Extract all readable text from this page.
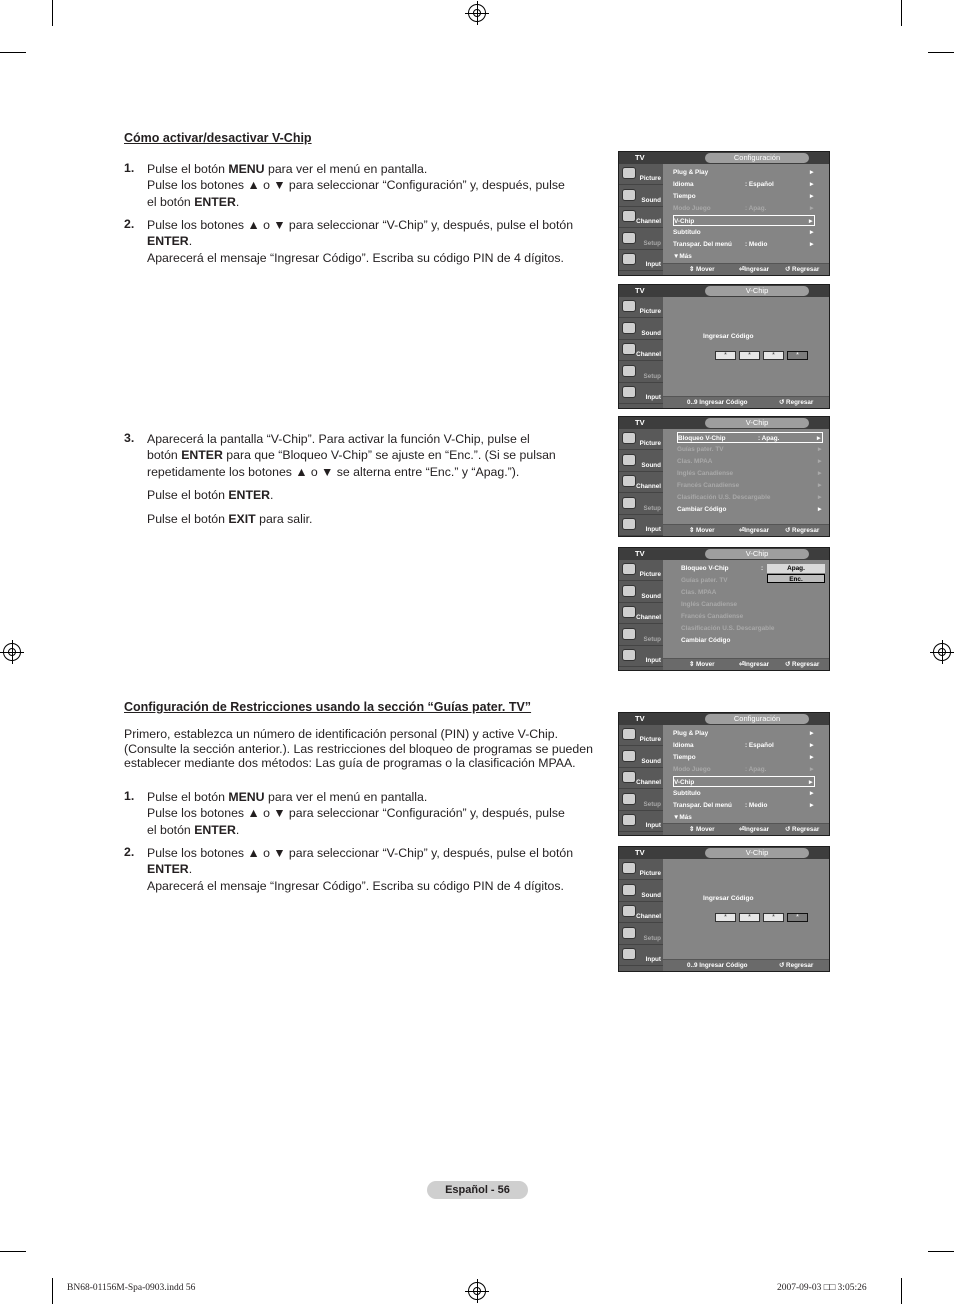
Cómo activar/desactivar V-Chip
1. Pulse el botón MENU para ver el menú en pantalla.
Pulse los botones ▲ o ▼ para seleccionar “Configuración” y, después, pulse
el botón ENTER.
2. Pulse los botones ▲ o ▼ para seleccionar “V-Chip” y, después, pulse el botón
ENTER.
Aparecerá el mensaje “Ingresar Código”. Escriba su código PIN de 4 dígitos.
3. Aparecerá la pantalla “V-Chip”. Para activar la función V-Chip, pulse el
botón ENTER para que “Bloqueo V-Chip” se ajuste en “Enc.”. (Si se pulsan
repetidamente los botones ▲ o ▼ se alterna entre “Enc.” y “Apag.”).
Pulse el botón ENTER.
Pulse el botón EXIT para salir.
Configuración de Restricciones usando la sección “Guías pater. TV”
Primero, establezca un número de identificación personal (PIN) y active V-Chip.
(Consulte la sección anterior.). Las restricciones del bloqueo de programas se pueden
establecer mediante dos métodos: Las guía de programas o la clasificación MPAA.
1. Pulse el botón MENU para ver el menú en pantalla.
Pulse los botones ▲ o ▼ para seleccionar “Configuración” y, después, pulse
el botón ENTER.
2. Pulse los botones ▲ o ▼ para seleccionar “V-Chip” y, después, pulse el botón
ENTER.
Aparecerá el mensaje “Ingresar Código”. Escriba su código PIN de 4 dígitos.
TV	Configuración
Picture
Sound
Channel
Setup
Input
Plug & Play	►
Idioma	: Español	►
Tiempo	►
Modo Juego	: Apag.	►
V-Chip	►
Subtítulo	►
Transpar. Del menú : Medio	►
▼Más
⇕ Mover	⏎Ingresar	↺ Regresar
TV	V-Chip
Picture
Sound
Channel
Setup
Input
Ingresar Código
*	*	*	*
0..9 Ingresar Código	↺ Regresar
TV	V-Chip
Picture
Sound
Channel
Setup
Input
Bloqueo V-Chip	: Apag.	►
Guías pater. TV	►
Clas. MPAA	►
Inglés Canadiense	►
Francés Canadiense	►
Clasificación U.S. Descargable	►
Cambiar Código	►
⇕ Mover	⏎Ingresar	↺ Regresar
TV	V-Chip
Picture
Sound
Channel
Setup
Input
Bloqueo V-Chip	:
Guías pater. TV
Clas. MPAA
Inglés Canadiense
Francés Canadiense
Clasificación U.S. Descargable
Cambiar Código
Apag.
Enc.
⇕ Mover	⏎Ingresar	↺ Regresar
TV	Configuración
Picture
Sound
Channel
Setup
Input
Plug & Play	►
Idioma	: Español	►
Tiempo	►
Modo Juego	: Apag.	►
V-Chip	►
Subtítulo	►
Transpar. Del menú : Medio	►
▼Más
⇕ Mover	⏎Ingresar	↺ Regresar
TV	V-Chip
Picture
Sound
Channel
Setup
Input
Ingresar Código
*	*	*	*
0..9 Ingresar Código	↺ Regresar
Español - 56
BN68-01156M-Spa-0903.indd 56	2007-09-03 □□ 3:05:26
